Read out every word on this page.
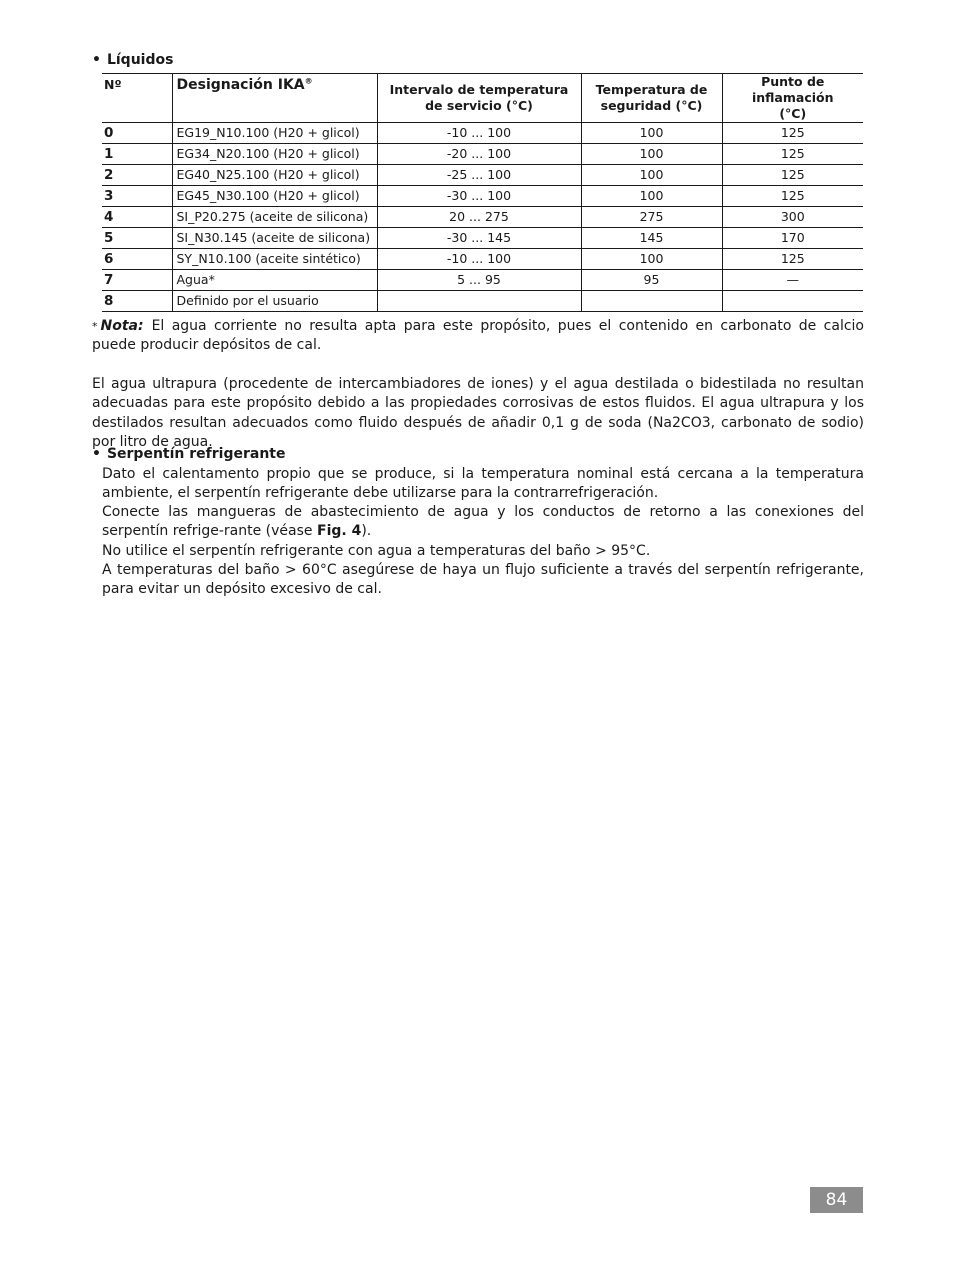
• Líquidos
Nº	Designación IKA®	Intervalo de temperatura de servicio (°C)	Temperatura de seguridad (°C)	Punto de inflamación (°C)
0	EG19_N10.100 (H20 + glicol)	-10 ... 100	100	125
1	EG34_N20.100 (H20 + glicol)	-20 ... 100	100	125
2	EG40_N25.100 (H20 + glicol)	-25 ... 100	100	125
3	EG45_N30.100 (H20 + glicol)	-30 ... 100	100	125
4	SI_P20.275 (aceite de silicona)	20 ... 275	275	300
5	SI_N30.145 (aceite de silicona)	-30 ... 145	145	170
6	SY_N10.100 (aceite sintético)	-10 ... 100	100	125
7	Agua*	5 ... 95	95	—
8	Definido por el usuario			

* Nota: El agua corriente no resulta apta para este propósito, pues el contenido en carbonato de calcio puede producir depósitos de cal.

El agua ultrapura (procedente de intercambiadores de iones) y el agua destilada o bidestilada no resultan adecuadas para este propósito debido a las propiedades corrosivas de estos fluidos. El agua ultrapura y los destilados resultan adecuados como fluido después de añadir 0,1 g de soda (Na2CO3, carbonato de sodio) por litro de agua.

• Serpentín refrigerante

Dato el calentamento propio que se produce, si la temperatura nominal está cercana a la temperatura ambiente, el serpentín refrigerante debe utilizarse para la contrarrefrigeración.

Conecte las mangueras de abastecimiento de agua y los conductos de retorno a las conexiones del serpentín refrige-rante (véase Fig. 4).

No utilice el serpentín refrigerante con agua a temperaturas del baño > 95°C.

A temperaturas del baño > 60°C asegúrese de haya un flujo suficiente a través del serpentín refrigerante, para evitar un depósito excesivo de cal.

84
